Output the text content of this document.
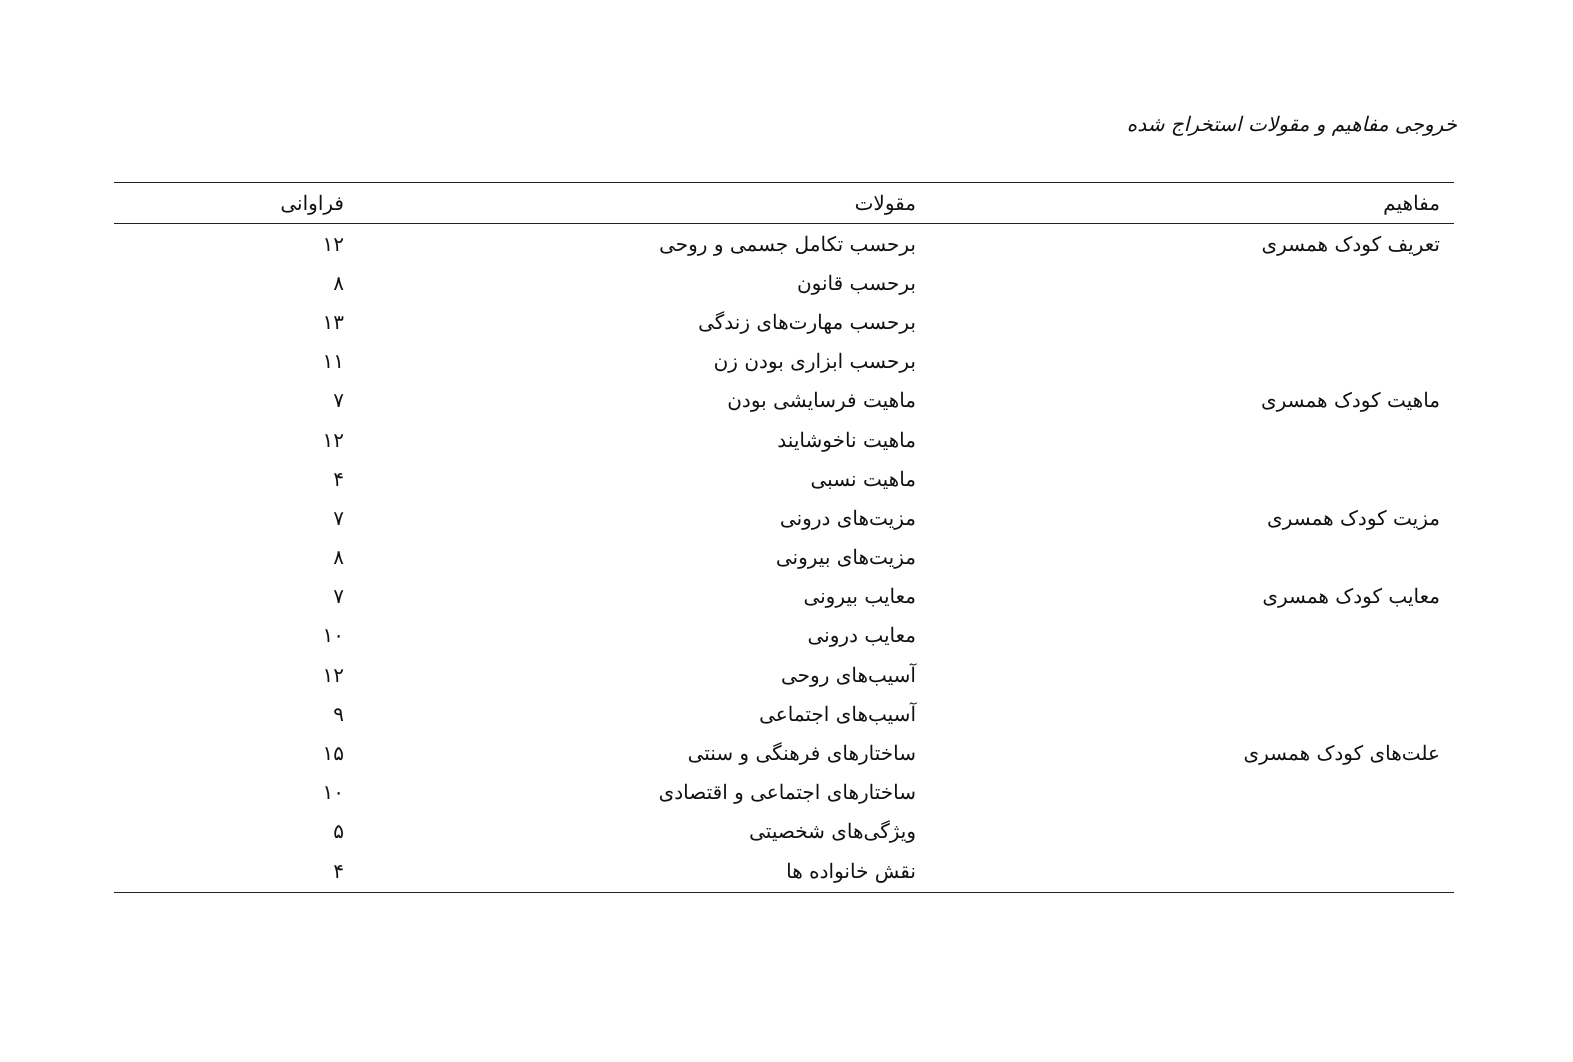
خروجی مفاهیم و مقولات استخراج شده
مفاهیم
مقولات
فراوانی
تعریف کودک همسری
برحسب تکامل جسمی و روحی
۱۲
برحسب قانون
۸
برحسب مهارت‌های زندگی
۱۳
برحسب ابزاری بودن زن
۱۱
ماهیت کودک همسری
ماهیت فرسایشی بودن
۷
ماهیت ناخوشایند
۱۲
ماهیت نسبی
۴
مزیت کودک همسری
مزیت‌های درونی
۷
مزیت‌های بیرونی
۸
معایب کودک همسری
معایب بیرونی
۷
معایب درونی
۱۰
آسیب‌های روحی
۱۲
آسیب‌های اجتماعی
۹
علت‌های کودک همسری
ساختارهای فرهنگی و سنتی
۱۵
ساختارهای اجتماعی و اقتصادی
۱۰
ویژگی‌های شخصیتی
۵
نقش خانواده ها
۴
